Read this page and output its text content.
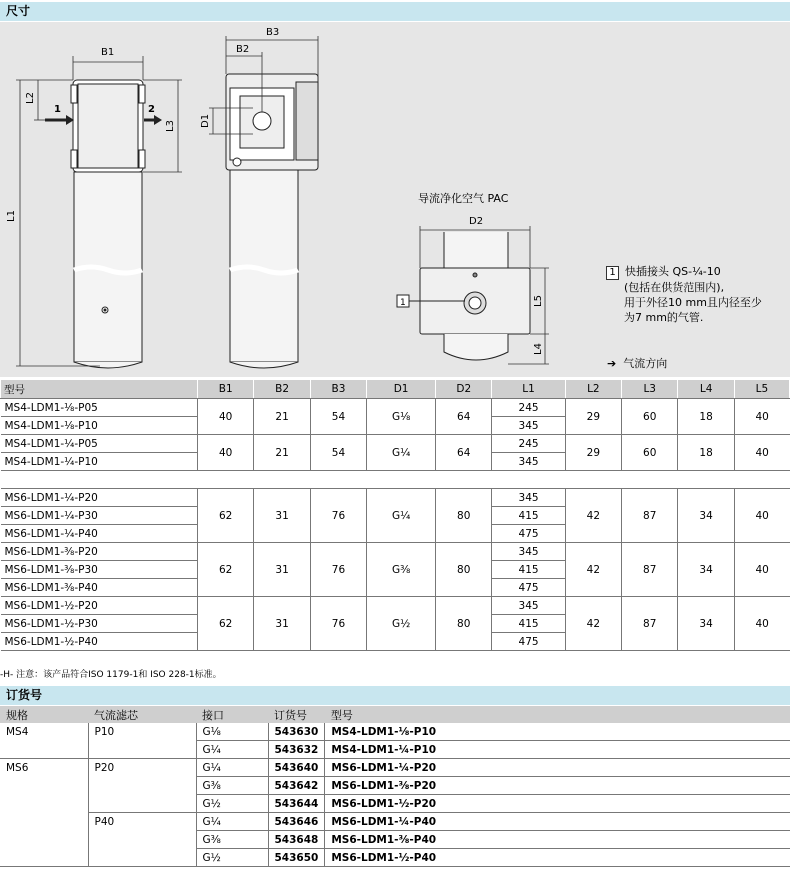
尺寸
B1
L1
L2
L3
1	2
B3
B2
D1
D2
L5
L4
1
导流净化空气 PAC
1 快插接头 QS-¼-10
(包括在供货范围内),
用于外径10 mm且内径至少
为7 mm的气管.
➔ 气流方向
型号	B1	B2	B3	D1	D2	L1	L2	L3	L4	L5
MS4-LDM1-⅛-P05	40	21	54	G⅛	64	245	29	60	18	40
MS4-LDM1-⅛-P10						345				
MS4-LDM1-¼-P05	40	21	54	G¼	64	245	29	60	18	40
MS4-LDM1-¼-P10						345				

MS6-LDM1-¼-P20	62	31	76	G¼	80	345	42	87	34	40
MS6-LDM1-¼-P30						415				
MS6-LDM1-¼-P40						475				
MS6-LDM1-⅜-P20	62	31	76	G⅜	80	345	42	87	34	40
MS6-LDM1-⅜-P30						415				
MS6-LDM1-⅜-P40						475				
MS6-LDM1-½-P20	62	31	76	G½	80	345	42	87	34	40
MS6-LDM1-½-P30						415				
MS6-LDM1-½-P40						475				
-H- 注意：该产品符合ISO 1179-1和 ISO 228-1标准。
订货号
规格	气流滤芯	接口	订货号	型号
MS4	P10	G⅛	543630	MS4-LDM1-⅛-P10
		G¼	543632	MS4-LDM1-¼-P10
MS6	P20	G¼	543640	MS6-LDM1-¼-P20
		G⅜	543642	MS6-LDM1-⅜-P20
		G½	543644	MS6-LDM1-½-P20
	P40	G¼	543646	MS6-LDM1-¼-P40
		G⅜	543648	MS6-LDM1-⅜-P40
		G½	543650	MS6-LDM1-½-P40
